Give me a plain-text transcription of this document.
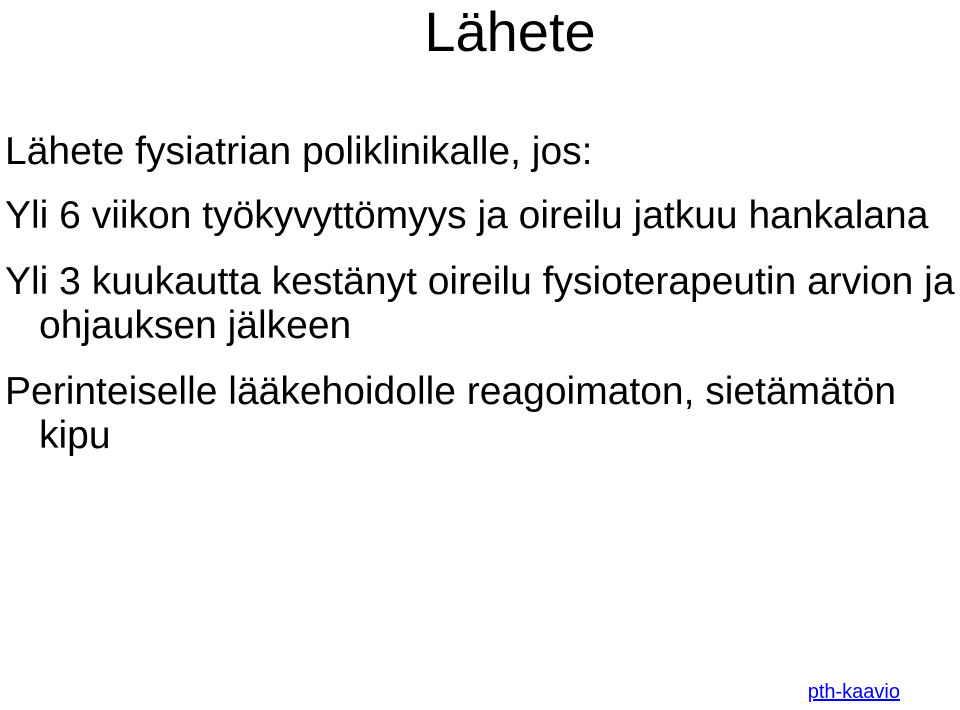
Lähete

Lähete fysiatrian poliklinikalle, jos:

Yli 6 viikon työkyvyttömyys ja oireilu jatkuu hankalana

Yli 3 kuukautta kestänyt oireilu fysioterapeutin arvion ja ohjauksen jälkeen

Perinteiselle lääkehoidolle reagoimaton, sietämätön kipu

pth-kaavio
